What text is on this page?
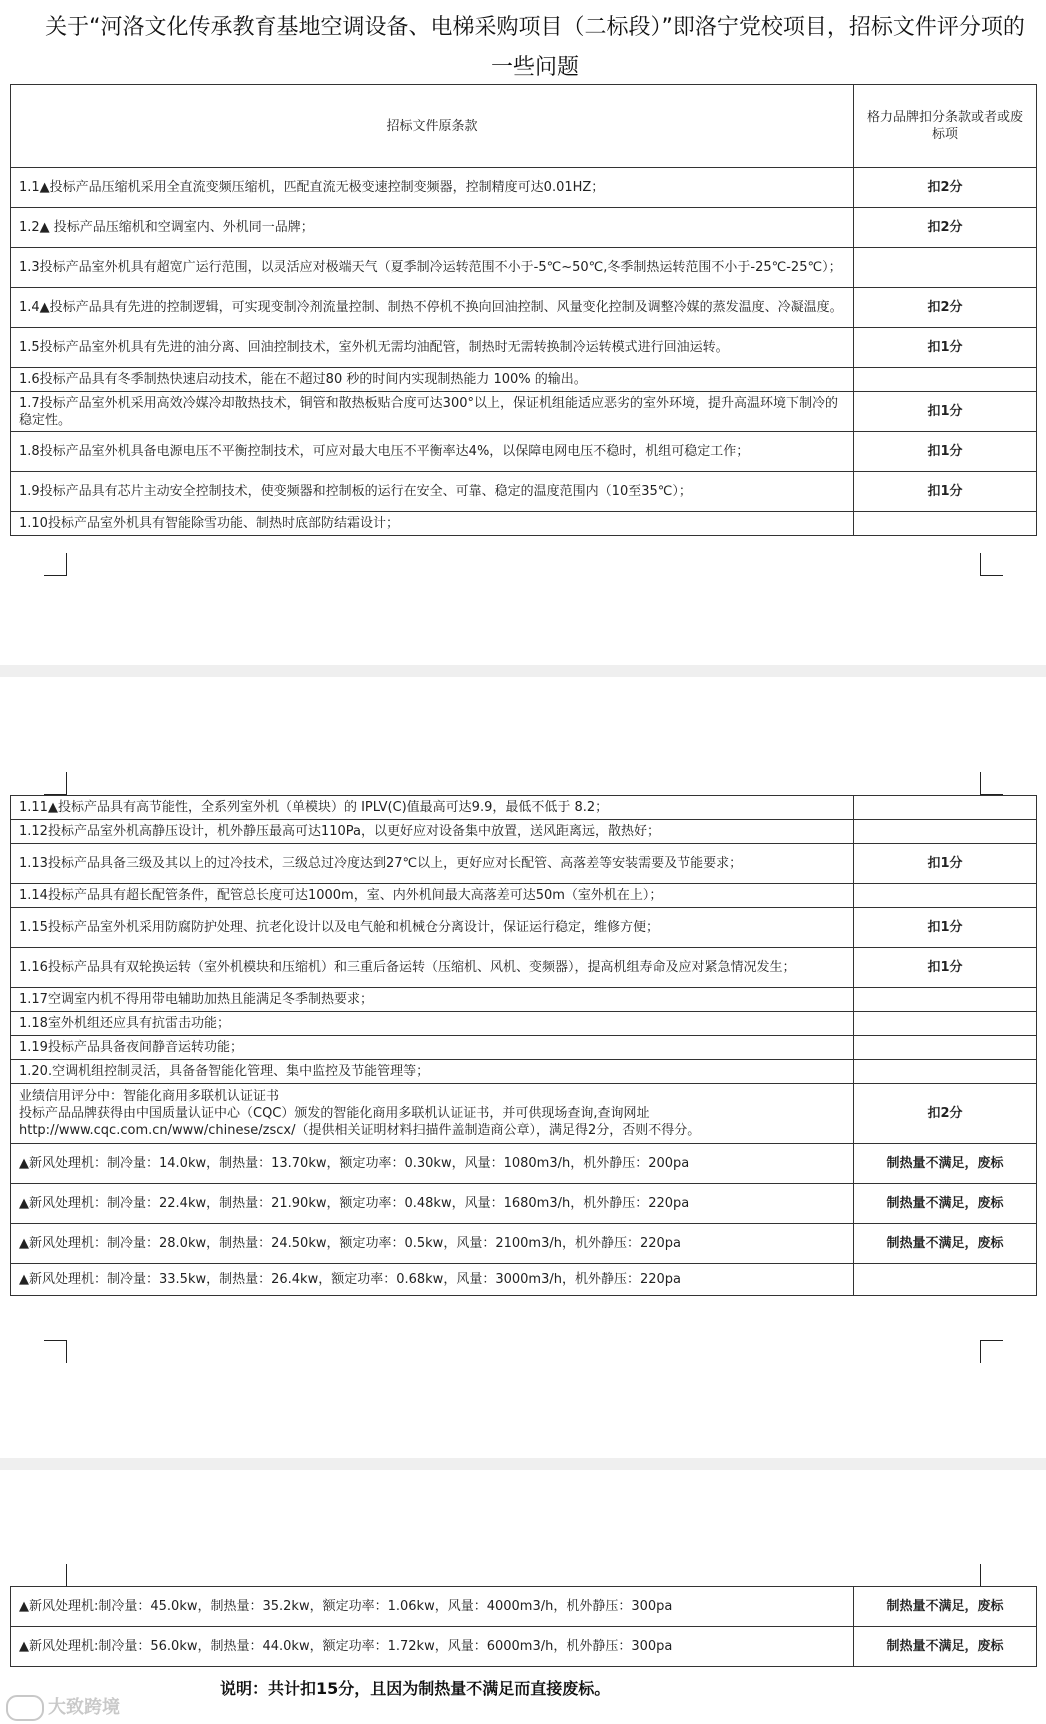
关于“河洛文化传承教育基地空调设备、电梯采购项目（二标段）”即洛宁党校项目，招标文件评分项的一些问题
招标文件原条款	格力品牌扣分条款或者或废标项
1.1▲投标产品压缩机采用全直流变频压缩机，匹配直流无极变速控制变频器，控制精度可达0.01HZ；	扣2分
1.2▲ 投标产品压缩机和空调室内、外机同一品牌；	扣2分
1.3投标产品室外机具有超宽广运行范围，以灵活应对极端天气（夏季制冷运转范围不小于-5℃~50℃,冬季制热运转范围不小于-25℃-25℃）；	
1.4▲投标产品具有先进的控制逻辑，可实现变制冷剂流量控制、制热不停机不换向回油控制、风量变化控制及调整冷媒的蒸发温度、冷凝温度。	扣2分
1.5投标产品室外机具有先进的油分离、回油控制技术，室外机无需均油配管，制热时无需转换制冷运转模式进行回油运转。	扣1分
1.6投标产品具有冬季制热快速启动技术，能在不超过80 秒的时间内实现制热能力 100% 的输出。	
1.7投标产品室外机采用高效冷媒冷却散热技术，铜管和散热板贴合度可达300°以上，保证机组能适应恶劣的室外环境，提升高温环境下制冷的稳定性。	扣1分
1.8投标产品室外机具备电源电压不平衡控制技术，可应对最大电压不平衡率达4%，以保障电网电压不稳时，机组可稳定工作；	扣1分
1.9投标产品具有芯片主动安全控制技术，使变频器和控制板的运行在安全、可靠、稳定的温度范围内（10至35℃）；	扣1分
1.10投标产品室外机具有智能除雪功能、制热时底部防结霜设计；	
1.11▲投标产品具有高节能性，全系列室外机（单模块）的 IPLV(C)值最高可达9.9，最低不低于 8.2；	
1.12投标产品室外机高静压设计，机外静压最高可达110Pa，以更好应对设备集中放置，送风距离远，散热好；	
1.13投标产品具备三级及其以上的过冷技术，三级总过冷度达到27℃以上，更好应对长配管、高落差等安装需要及节能要求；	扣1分
1.14投标产品具有超长配管条件，配管总长度可达1000m，室、内外机间最大高落差可达50m（室外机在上）；	
1.15投标产品室外机采用防腐防护处理、抗老化设计以及电气舱和机械仓分离设计，保证运行稳定，维修方便；	扣1分
1.16投标产品具有双轮换运转（室外机模块和压缩机）和三重后备运转（压缩机、风机、变频器），提高机组寿命及应对紧急情况发生；	扣1分
1.17空调室内机不得用带电辅助加热且能满足冬季制热要求；	
1.18室外机组还应具有抗雷击功能；	
1.19投标产品具备夜间静音运转功能；	
1.20.空调机组控制灵活，具备备智能化管理、集中监控及节能管理等；	
业绩信用评分中：智能化商用多联机认证证书
投标产品品牌获得由中国质量认证中心（CQC）颁发的智能化商用多联机认证证书，并可供现场查询,查询网址http://www.cqc.com.cn/www/chinese/zscx/（提供相关证明材料扫描件盖制造商公章），满足得2分，否则不得分。	扣2分
▲新风处理机：制冷量：14.0kw，制热量：13.70kw，额定功率：0.30kw，风量：1080m3/h，机外静压：200pa	制热量不满足，废标
▲新风处理机：制冷量：22.4kw，制热量：21.90kw，额定功率：0.48kw，风量：1680m3/h，机外静压：220pa	制热量不满足，废标
▲新风处理机：制冷量：28.0kw，制热量：24.50kw，额定功率：0.5kw，风量：2100m3/h，机外静压：220pa	制热量不满足，废标
▲新风处理机：制冷量：33.5kw，制热量：26.4kw，额定功率：0.68kw，风量：3000m3/h，机外静压：220pa	
▲新风处理机:制冷量：45.0kw，制热量：35.2kw，额定功率：1.06kw，风量：4000m3/h，机外静压：300pa	制热量不满足，废标
▲新风处理机:制冷量：56.0kw，制热量：44.0kw，额定功率：1.72kw，风量：6000m3/h，机外静压：300pa	制热量不满足，废标
说明：共计扣15分，且因为制热量不满足而直接废标。
大致跨境
